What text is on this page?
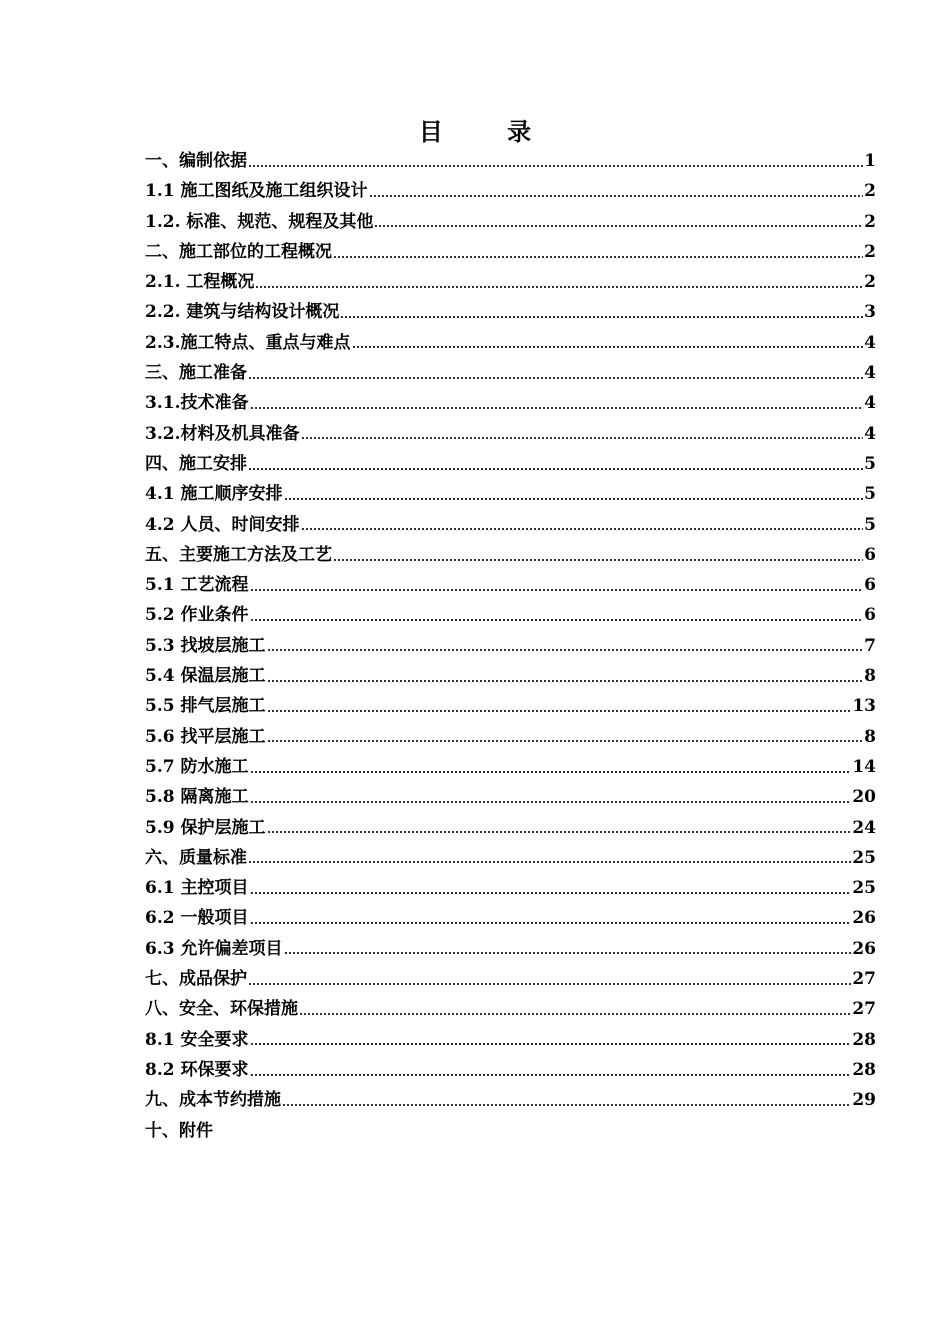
目 录
一、编制依据	1
1.1 施工图纸及施工组织设计	2
1.2. 标准、规范、规程及其他	2
二、施工部位的工程概况	2
2.1. 工程概况	2
2.2. 建筑与结构设计概况	3
2.3.施工特点、重点与难点	4
三、施工准备	4
3.1.技术准备	4
3.2.材料及机具准备	4
四、施工安排	5
4.1 施工顺序安排	5
4.2 人员、时间安排	5
五、主要施工方法及工艺	6
5.1 工艺流程	6
5.2 作业条件	6
5.3 找坡层施工	7
5.4 保温层施工	8
5.5 排气层施工	13
5.6 找平层施工	8
5.7 防水施工	14
5.8 隔离施工	20
5.9 保护层施工	24
六、质量标准	25
6.1 主控项目	25
6.2 一般项目	26
6.3 允许偏差项目	26
七、成品保护	27
八、安全、环保措施	27
8.1 安全要求	28
8.2 环保要求	28
九、成本节约措施	29
十、附件
